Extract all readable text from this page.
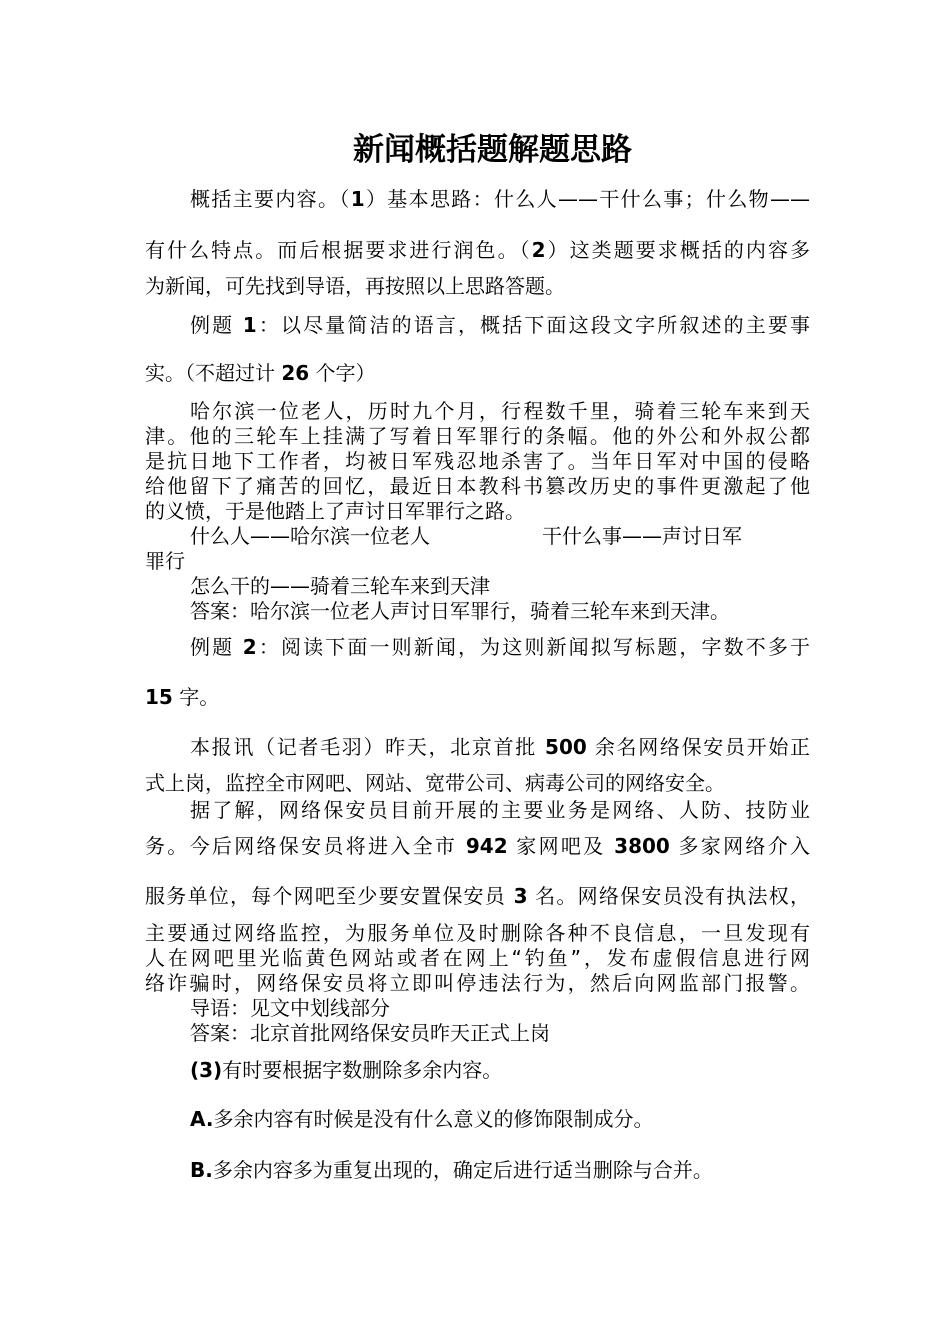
新闻概括题解题思路
概括主要内容。（1）基本思路：什么人——干什么事；什么物——
有什么特点。而后根据要求进行润色。（2）这类题要求概括的内容多
为新闻，可先找到导语，再按照以上思路答题。
例题 1：以尽量简洁的语言，概括下面这段文字所叙述的主要事
实。（不超过计 26 个字）
哈尔滨一位老人，历时九个月，行程数千里，骑着三轮车来到天
津。他的三轮车上挂满了写着日军罪行的条幅。他的外公和外叔公都
是抗日地下工作者，均被日军残忍地杀害了。当年日军对中国的侵略
给他留下了痛苦的回忆，最近日本教科书篡改历史的事件更激起了他
的义愤，于是他踏上了声讨日军罪行之路。
什么人——哈尔滨一位老人	干什么事——声讨日军
罪行
怎么干的——骑着三轮车来到天津
答案：哈尔滨一位老人声讨日军罪行，骑着三轮车来到天津。
例题 2：阅读下面一则新闻，为这则新闻拟写标题，字数不多于
15 字。
本报讯（记者毛羽）昨天，北京首批 500 余名网络保安员开始正
式上岗，监控全市网吧、网站、宽带公司、病毒公司的网络安全。
据了解，网络保安员目前开展的主要业务是网络、人防、技防业
务。今后网络保安员将进入全市 942 家网吧及 3800 多家网络介入
服务单位，每个网吧至少要安置保安员 3 名。网络保安员没有执法权，
主要通过网络监控，为服务单位及时删除各种不良信息，一旦发现有
人在网吧里光临黄色网站或者在网上“钓鱼”，发布虚假信息进行网
络诈骗时，网络保安员将立即叫停违法行为，然后向网监部门报警。
导语：见文中划线部分
答案：北京首批网络保安员昨天正式上岗
(3)有时要根据字数删除多余内容。
A.多余内容有时候是没有什么意义的修饰限制成分。
B.多余内容多为重复出现的，确定后进行适当删除与合并。
